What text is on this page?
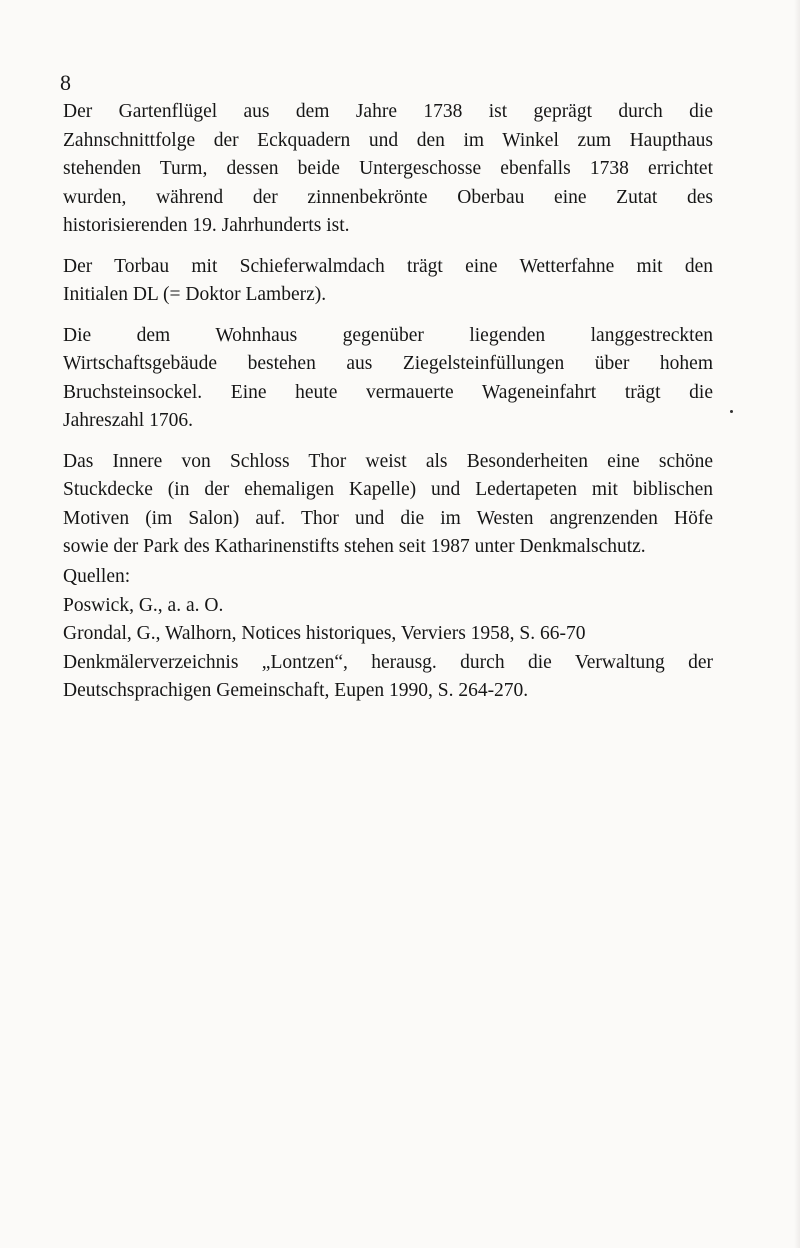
8

Der Gartenflügel aus dem Jahre 1738 ist geprägt durch die
Zahnschnittfolge der Eckquadern und den im Winkel zum Haupthaus
stehenden Turm, dessen beide Untergeschosse ebenfalls 1738 errichtet
wurden, während der zinnenbekrönte Oberbau eine Zutat des
historisierenden 19. Jahrhunderts ist.

Der Torbau mit Schieferwalmdach trägt eine Wetterfahne mit den
Initialen DL (= Doktor Lamberz).

Die dem Wohnhaus gegenüber liegenden langgestreckten
Wirtschaftsgebäude bestehen aus Ziegelsteinfüllungen über hohem
Bruchsteinsockel. Eine heute vermauerte Wageneinfahrt trägt die
Jahreszahl 1706.

Das Innere von Schloss Thor weist als Besonderheiten eine schöne
Stuckdecke (in der ehemaligen Kapelle) und Ledertapeten mit biblischen
Motiven (im Salon) auf. Thor und die im Westen angrenzenden Höfe
sowie der Park des Katharinenstifts stehen seit 1987 unter Denkmalschutz.

Quellen:
Poswick, G., a. a. O.
Grondal, G., Walhorn, Notices historiques, Verviers 1958, S. 66-70
Denkmälerverzeichnis „Lontzen“, herausg. durch die Verwaltung der
Deutschsprachigen Gemeinschaft, Eupen 1990, S. 264-270.
